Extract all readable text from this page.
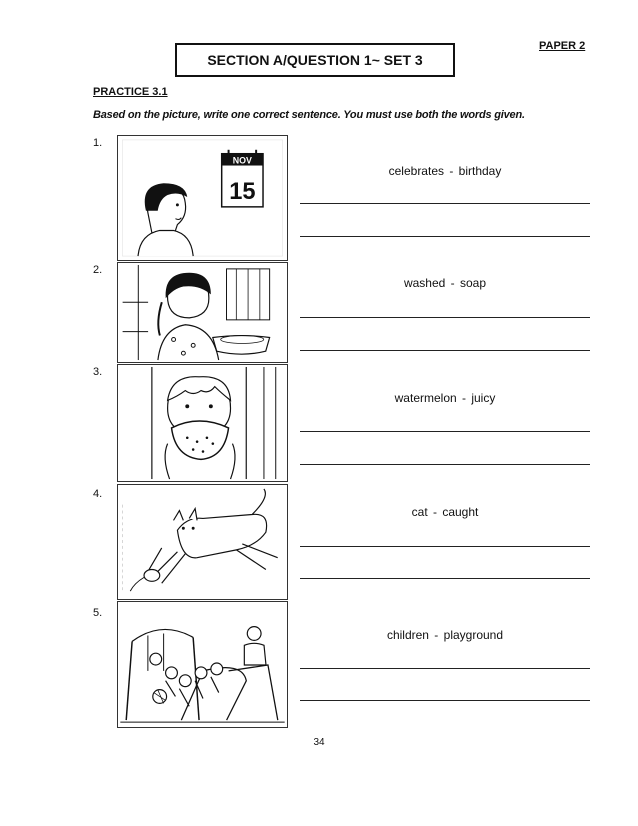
PAPER 2
SECTION A/QUESTION 1~ SET 3
PRACTICE 3.1
Based on the picture, write one correct sentence. You must use both the words given.
1.
NOV
15
celebrates - birthday
2.
washed - soap
3.
watermelon - juicy
4.
cat - caught
5.
children - playground
34
